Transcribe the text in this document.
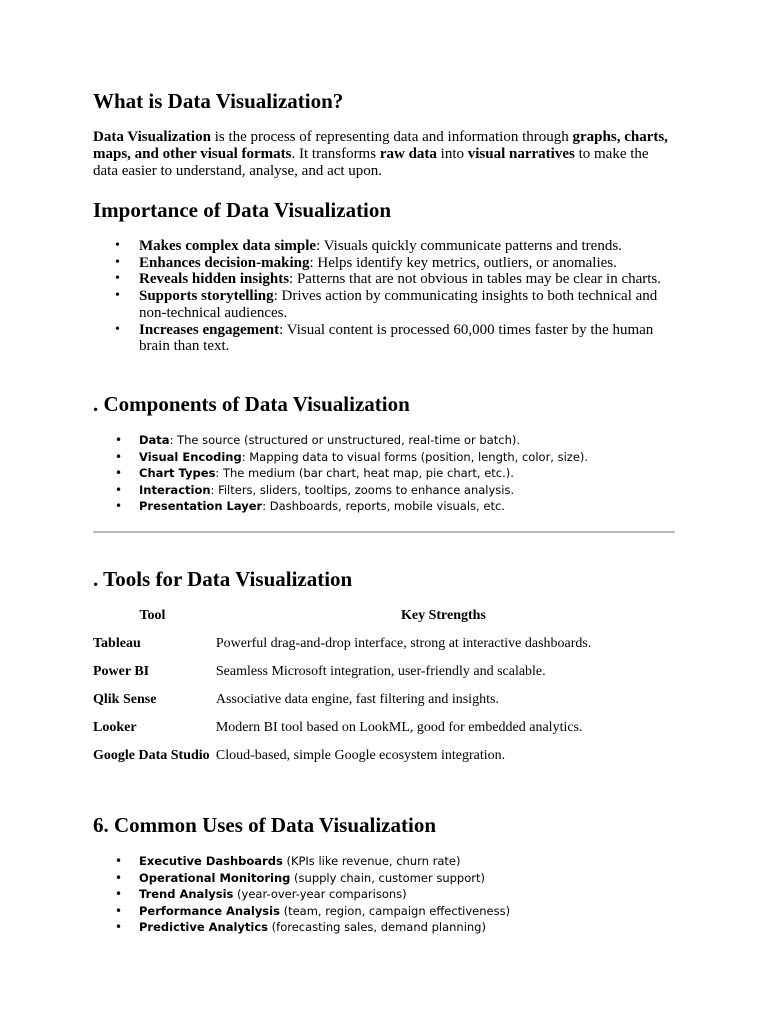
What is Data Visualization?

Data Visualization is the process of representing data and information through graphs, charts, maps, and other visual formats. It transforms raw data into visual narratives to make the data easier to understand, analyse, and act upon.

Importance of Data Visualization
• Makes complex data simple: Visuals quickly communicate patterns and trends.
• Enhances decision-making: Helps identify key metrics, outliers, or anomalies.
• Reveals hidden insights: Patterns that are not obvious in tables may be clear in charts.
• Supports storytelling: Drives action by communicating insights to both technical and non-technical audiences.
• Increases engagement: Visual content is processed 60,000 times faster by the human brain than text.
. Components of Data Visualization
• Data: The source (structured or unstructured, real-time or batch).
• Visual Encoding: Mapping data to visual forms (position, length, color, size).
• Chart Types: The medium (bar chart, heat map, pie chart, etc.).
• Interaction: Filters, sliders, tooltips, zooms to enhance analysis.
• Presentation Layer: Dashboards, reports, mobile visuals, etc.
. Tools for Data Visualization
Tool	Key Strengths
Tableau	Powerful drag-and-drop interface, strong at interactive dashboards.
Power BI	Seamless Microsoft integration, user-friendly and scalable.
Qlik Sense	Associative data engine, fast filtering and insights.
Looker	Modern BI tool based on LookML, good for embedded analytics.
Google Data Studio	Cloud-based, simple Google ecosystem integration.
6. Common Uses of Data Visualization
• Executive Dashboards (KPIs like revenue, churn rate)
• Operational Monitoring (supply chain, customer support)
• Trend Analysis (year-over-year comparisons)
• Performance Analysis (team, region, campaign effectiveness)
• Predictive Analytics (forecasting sales, demand planning)
